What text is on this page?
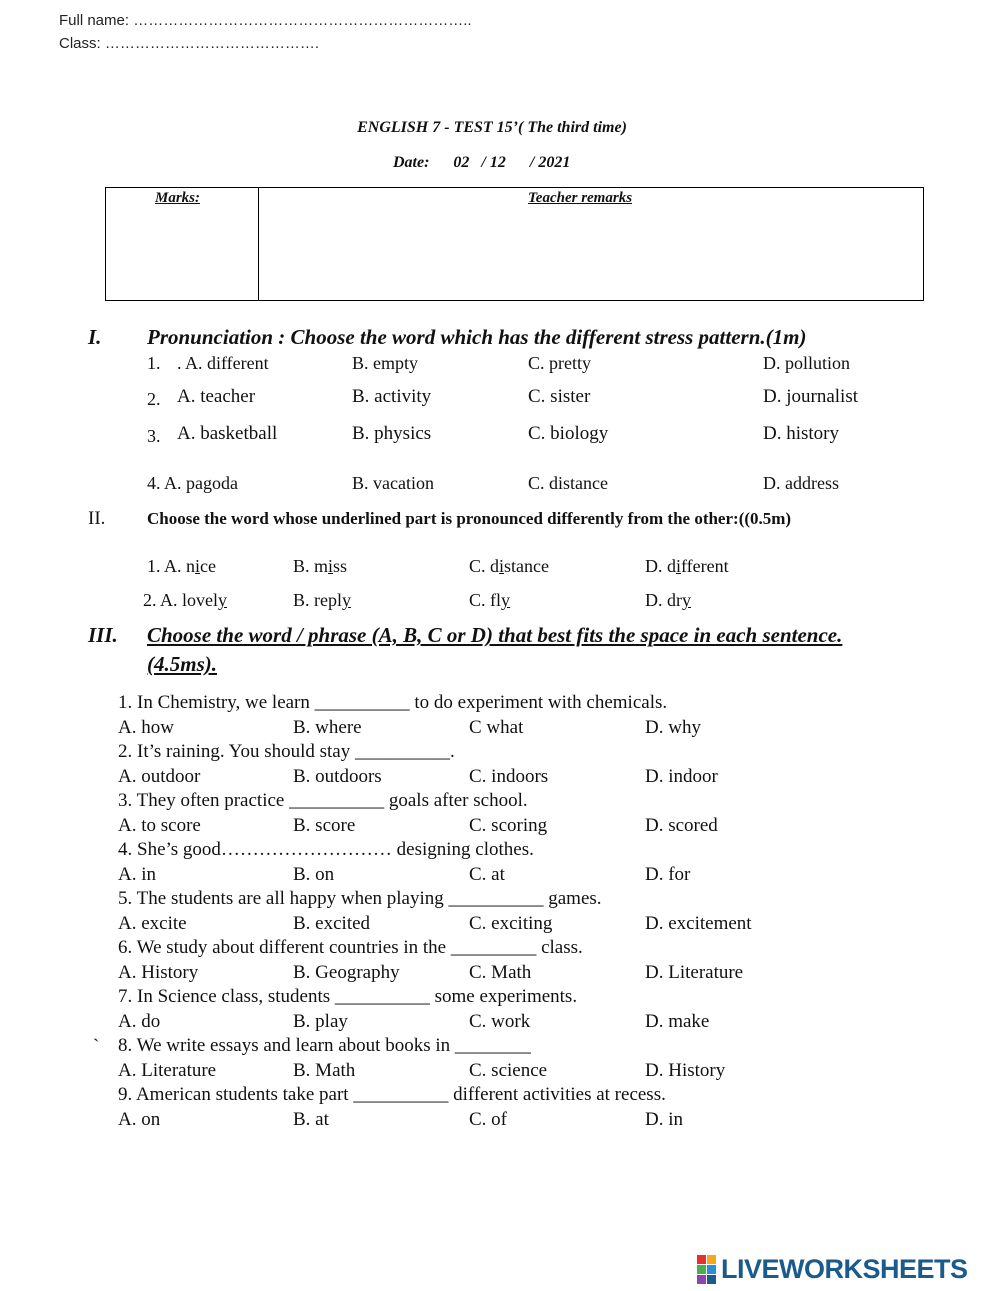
Full name: …………………………………………………………..
Class: …………………………………….
ENGLISH 7 - TEST 15’( The third time)
Date:      02   / 12      / 2021
Marks:	Teacher remarks
I. Pronunciation : Choose the word which has the different stress pattern.(1m)
1. . A. different	B. empty	C. pretty	D. pollution
2. A. teacher	B. activity	C. sister	D. journalist
3. A. basketball	B. physics	C. biology	D. history
4. A. pagoda	B. vacation	C. distance	D. address
II. Choose the word whose underlined part is pronounced differently from the other:((0.5m)
1. A. nice	B. miss	C. distance	D. different
2. A. lovely	B. reply	C. fly	D. dry
III. Choose the word / phrase (A, B, C or D) that best fits the space in each sentence.
(4.5ms).
`
1. In Chemistry, we learn __________ to do experiment with chemicals.
A. how	B. where	C what	D. why
2. It’s raining. You should stay __________.
A. outdoor	B. outdoors	C. indoors	D. indoor
3. They often practice __________ goals after school.
A. to score	B. score	C. scoring	D. scored
4. She’s good……………………… designing clothes.
A. in	B. on	C. at	D. for
5. The students are all happy when playing __________ games.
A. excite	B. excited	C. exciting	D. excitement
6. We study about different countries in the _________ class.
A. History	B. Geography	C. Math	D. Literature
7. In Science class, students __________ some experiments.
A. do	B. play	C. work	D. make
8. We write essays and learn about books in ________
A. Literature	B. Math	C. science	D. History
9. American students take part __________ different activities at recess.
A. on	B. at	C. of	D. in
LIVEWORKSHEETS
